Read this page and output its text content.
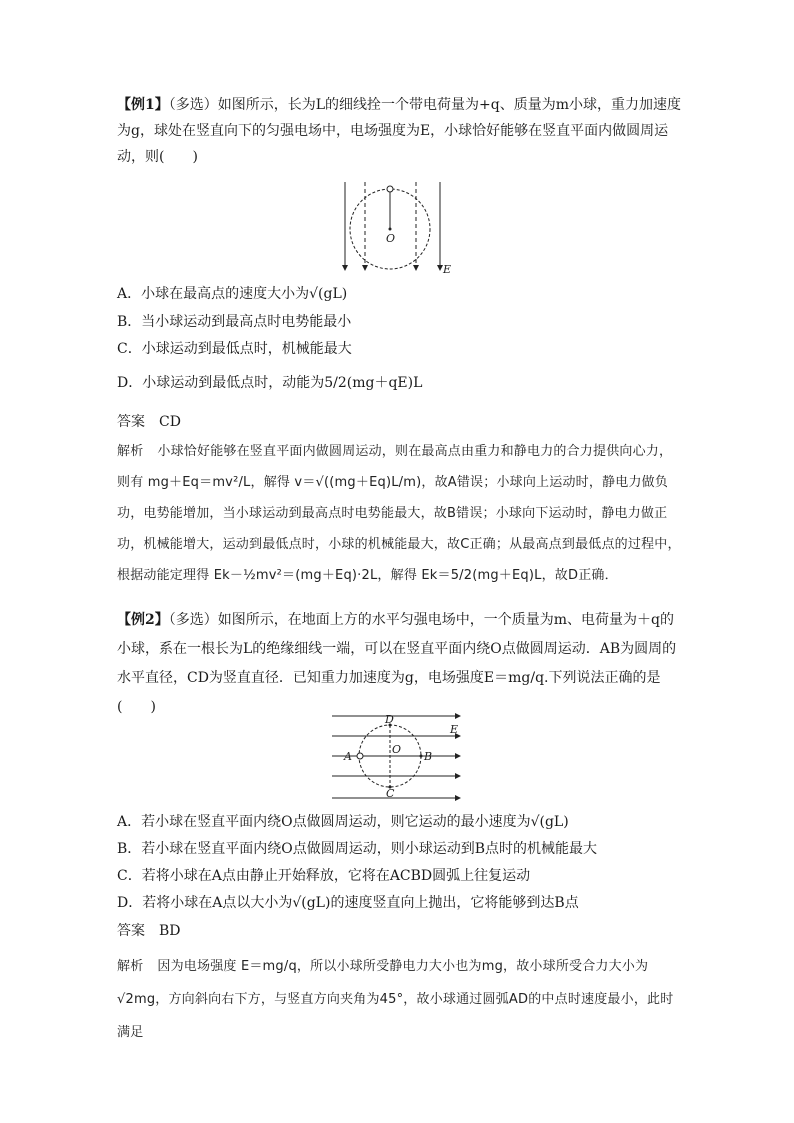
【例1】（多选）如图所示，长为L的细线拴一个带电荷量为+q、质量为m小球，重力加速度为g，球处在竖直向下的匀强电场中，电场强度为E，小球恰好能够在竖直平面内做圆周运动，则(　　)

O
E

A．小球在最高点的速度大小为√(gL)

B．当小球运动到最高点时电势能最小

C．小球运动到最低点时，机械能最大

D．小球运动到最低点时，动能为5/2(mg＋qE)L

答案 CD

解析 小球恰好能够在竖直平面内做圆周运动，则在最高点由重力和静电力的合力提供向心力，则有 mg＋Eq＝mv²/L，解得 v＝√((mg＋Eq)L/m)，故A错误；小球向上运动时，静电力做负功，电势能增加，当小球运动到最高点时电势能最大，故B错误；小球向下运动时，静电力做正功，机械能增大，运动到最低点时，小球的机械能最大，故C正确；从最高点到最低点的过程中，根据动能定理得 Ek－½mv²＝(mg＋Eq)·2L，解得 Ek＝5/2(mg＋Eq)L，故D正确．

【例2】（多选）如图所示，在地面上方的水平匀强电场中，一个质量为m、电荷量为＋q的小球，系在一根长为L的绝缘细线一端，可以在竖直平面内绕O点做圆周运动．AB为圆周的水平直径，CD为竖直直径．已知重力加速度为g，电场强度E＝mg/q.下列说法正确的是(　　)

D
A
O
B
C
E

A．若小球在竖直平面内绕O点做圆周运动，则它运动的最小速度为√(gL)

B．若小球在竖直平面内绕O点做圆周运动，则小球运动到B点时的机械能最大

C．若将小球在A点由静止开始释放，它将在ACBD圆弧上往复运动

D．若将小球在A点以大小为√(gL)的速度竖直向上抛出，它将能够到达B点

答案 BD

解析 因为电场强度 E＝mg/q，所以小球所受静电力大小也为mg，故小球所受合力大小为√2mg，方向斜向右下方，与竖直方向夹角为45°，故小球通过圆弧AD的中点时速度最小，此时满足
